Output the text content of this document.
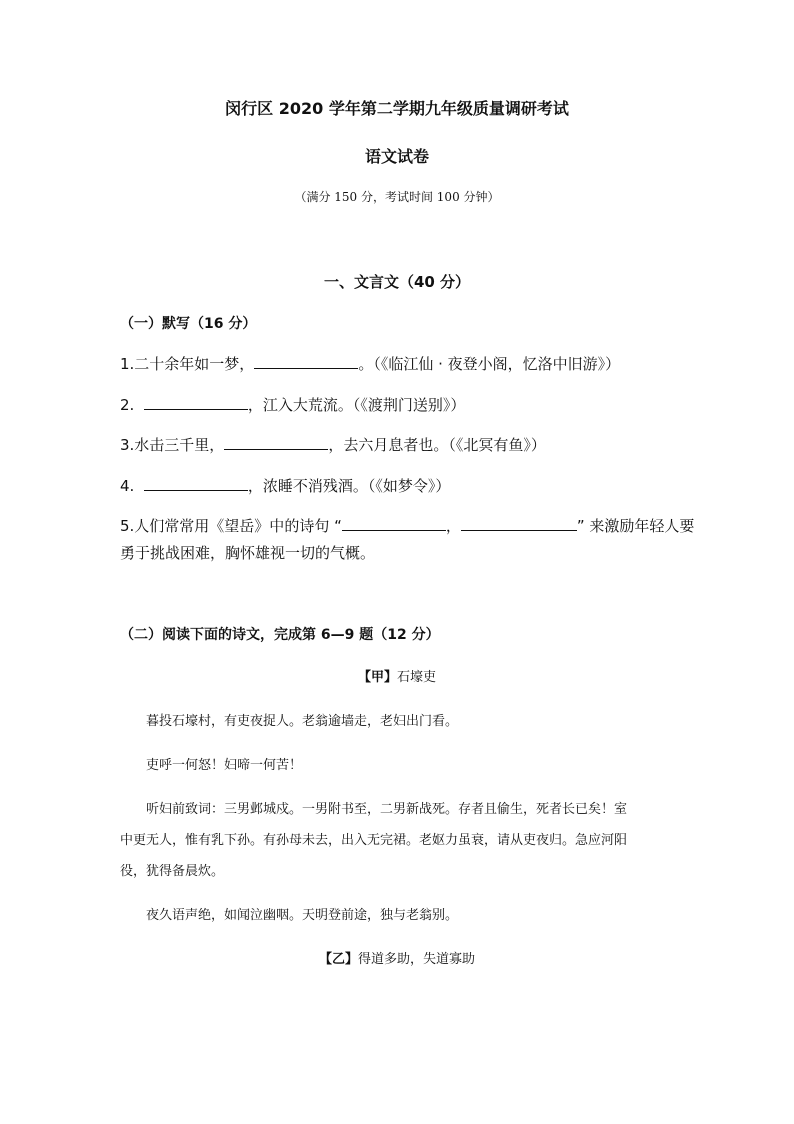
闵行区 2020 学年第二学期九年级质量调研考试
语文试卷
（满分 150 分，考试时间 100 分钟）
一、文言文（40 分）
（一）默写（16 分）
1.二十余年如一梦，	。（《临江仙 · 夜登小阁，忆洛中旧游》）
2.	，江入大荒流。（《渡荆门送别》）
3.水击三千里，	，去六月息者也。（《北冥有鱼》）
4.	，浓睡不消残酒。（《如梦令》）
5.人们常常用《望岳》中的诗句 “	，	” 来激励年轻人要
勇于挑战困难，胸怀雄视一切的气概。
（二）阅读下面的诗文，完成第 6—9 题（12 分）
【甲】石壕吏
暮投石壕村，有吏夜捉人。老翁逾墙走，老妇出门看。
吏呼一何怒！妇啼一何苦！
听妇前致词：三男邺城戍。一男附书至，二男新战死。存者且偷生，死者长已矣！室
中更无人，惟有乳下孙。有孙母未去，出入无完裙。老妪力虽衰，请从吏夜归。急应河阳
役，犹得备晨炊。
夜久语声绝，如闻泣幽咽。天明登前途，独与老翁别。
【乙】得道多助，失道寡助
